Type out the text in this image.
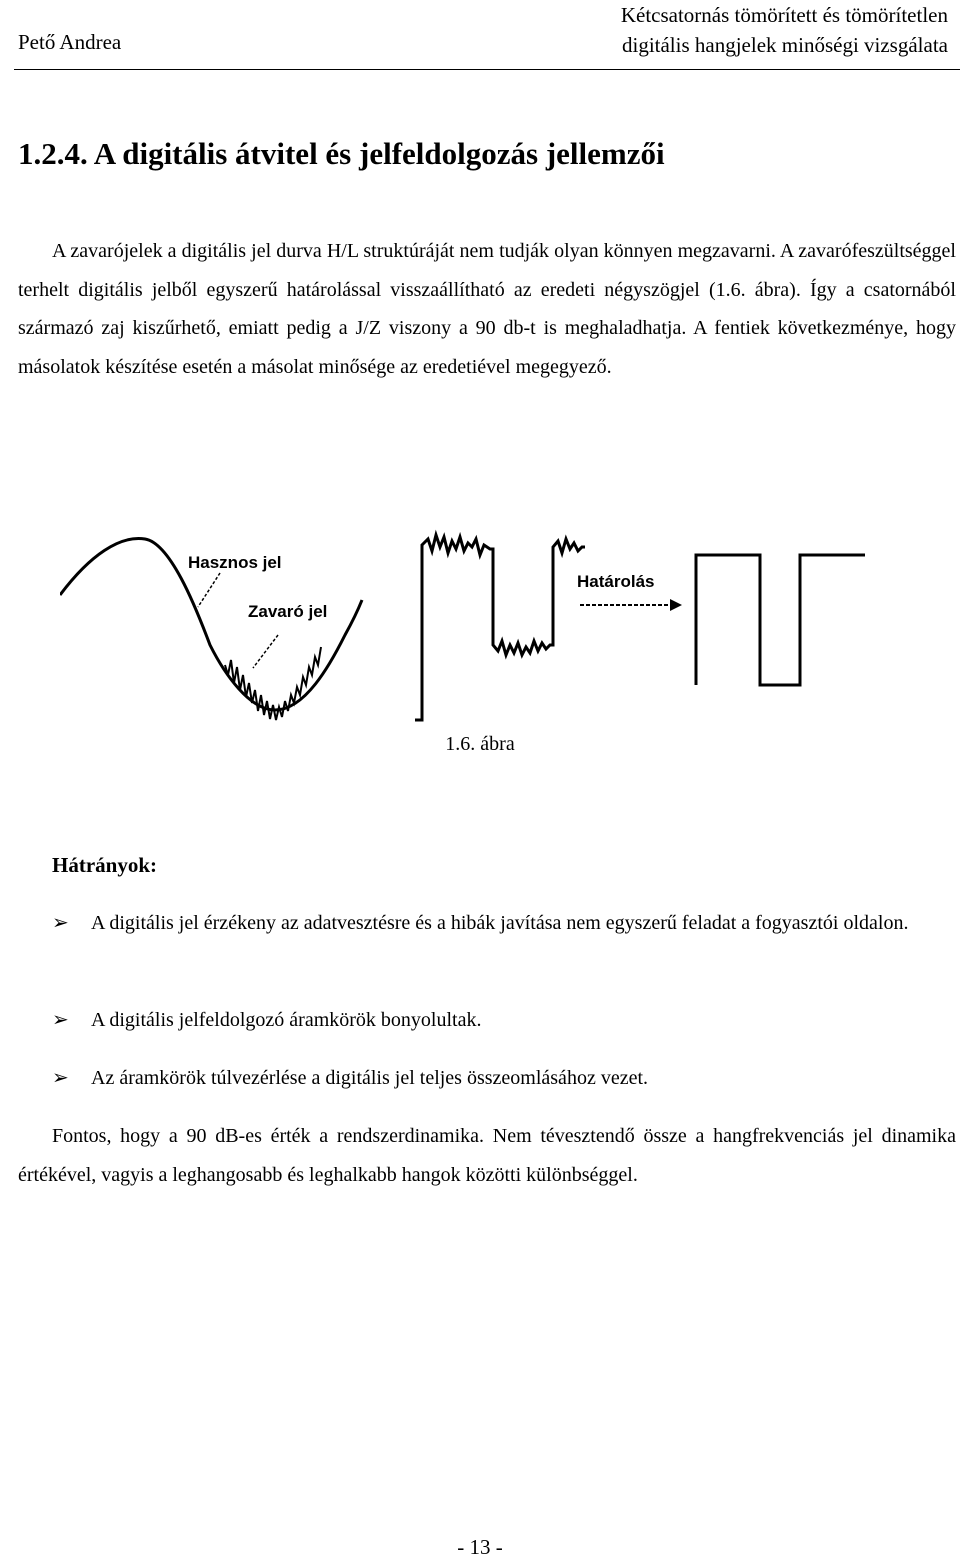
Pető Andrea
Kétcsatornás tömörített és tömörítetlen
digitális hangjelek minőségi vizsgálata
1.2.4. A digitális átvitel és jelfeldolgozás jellemzői

A zavarójelek a digitális jel durva H/L struktúráját nem tudják olyan könnyen megzavarni. A zavarófeszültséggel terhelt digitális jelből egyszerű határolással visszaállítható az eredeti négyszögjel (1.6. ábra). Így a csatornából származó zaj kiszűrhető, emiatt pedig a J/Z viszony a 90 db-t is meghaladhatja. A fentiek következménye, hogy másolatok készítése esetén a másolat minősége az eredetiével megegyező.

Hasznos jel
Zavaró jel
Határolás
1.6. ábra
Hátrányok:
➢ A digitális jel érzékeny az adatvesztésre és a hibák javítása nem egyszerű feladat a fogyasztói oldalon.
➢ A digitális jelfeldolgozó áramkörök bonyolultak.
➢ Az áramkörök túlvezérlése a digitális jel teljes összeomlásához vezet.

Fontos, hogy a 90 dB-es érték a rendszerdinamika. Nem tévesztendő össze a hangfrekvenciás jel dinamika értékével, vagyis a leghangosabb és leghalkabb hangok közötti különbséggel.

- 13 -
